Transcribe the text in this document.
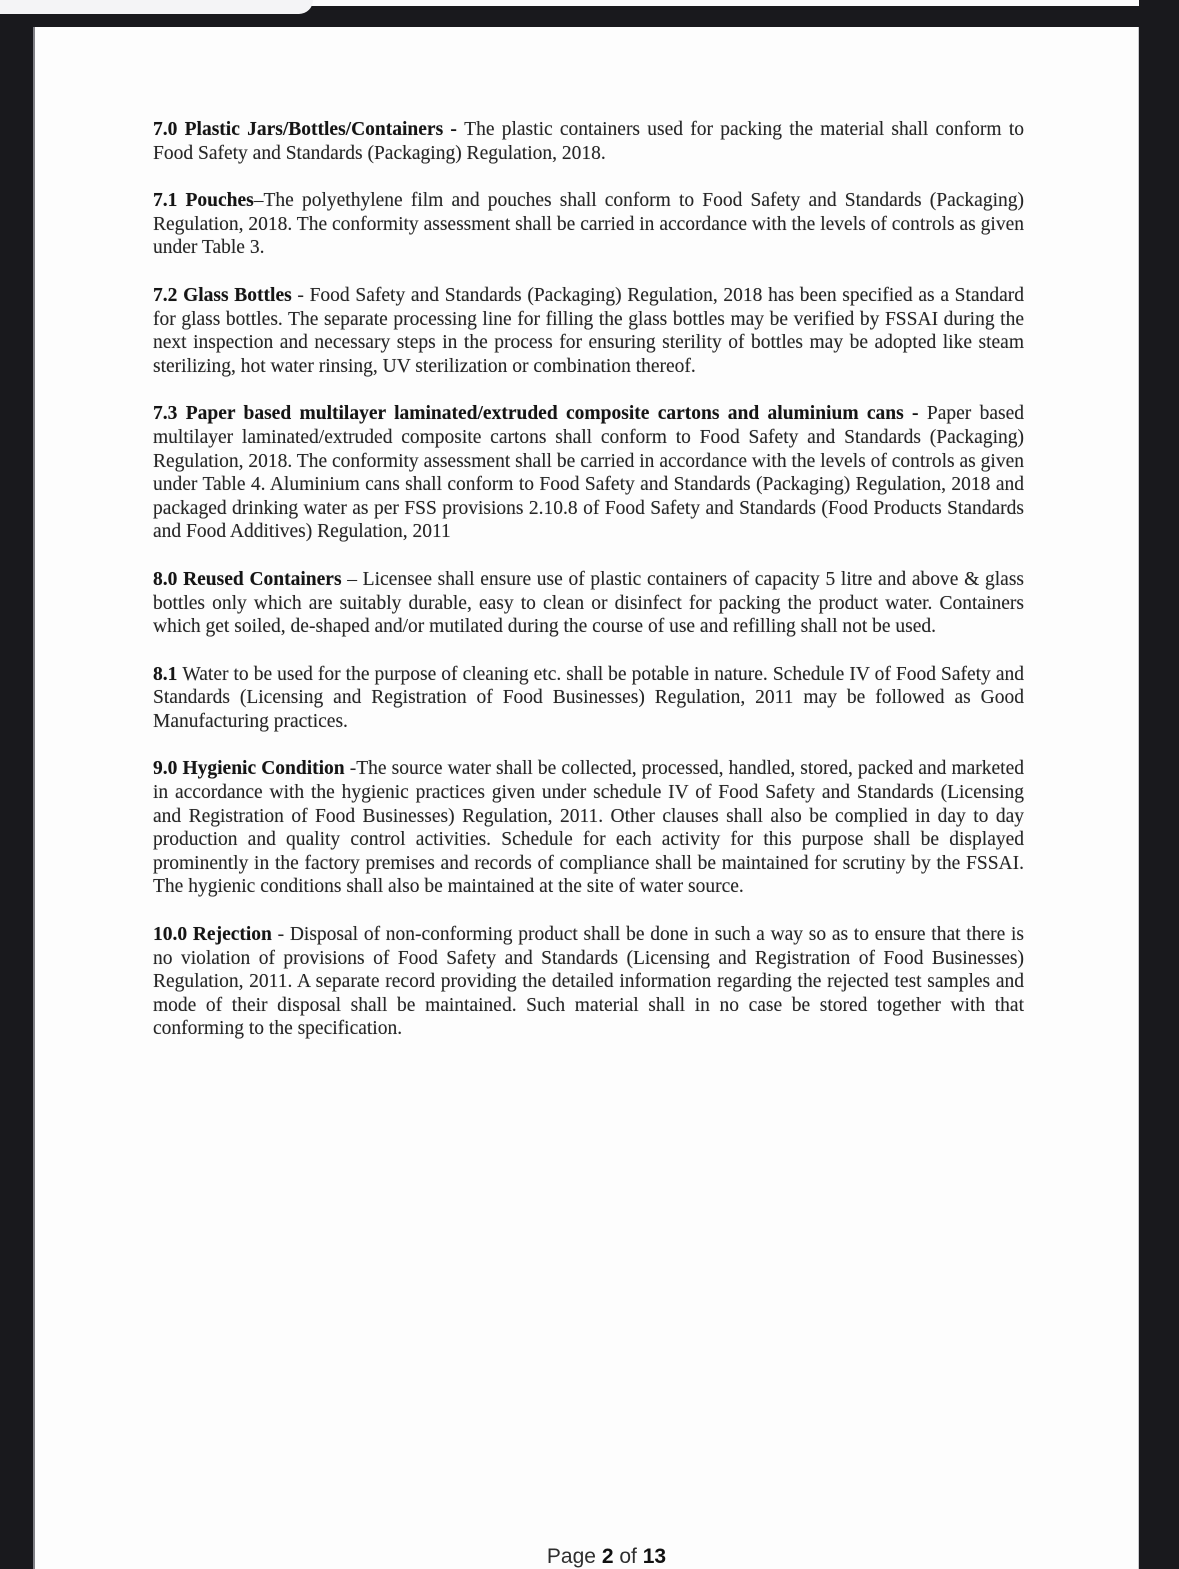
7.0 Plastic Jars/Bottles/Containers - The plastic containers used for packing the material shall conform to Food Safety and Standards (Packaging) Regulation, 2018.

7.1 Pouches–The polyethylene film and pouches shall conform to Food Safety and Standards (Packaging) Regulation, 2018. The conformity assessment shall be carried in accordance with the levels of controls as given under Table 3.

7.2 Glass Bottles - Food Safety and Standards (Packaging) Regulation, 2018 has been specified as a Standard for glass bottles. The separate processing line for filling the glass bottles may be verified by FSSAI during the next inspection and necessary steps in the process for ensuring sterility of bottles may be adopted like steam sterilizing, hot water rinsing, UV sterilization or combination thereof.

7.3 Paper based multilayer laminated/extruded composite cartons and aluminium cans - Paper based multilayer laminated/extruded composite cartons shall conform to Food Safety and Standards (Packaging) Regulation, 2018. The conformity assessment shall be carried in accordance with the levels of controls as given under Table 4. Aluminium cans shall conform to Food Safety and Standards (Packaging) Regulation, 2018 and packaged drinking water as per FSS provisions 2.10.8 of Food Safety and Standards (Food Products Standards and Food Additives) Regulation, 2011

8.0 Reused Containers – Licensee shall ensure use of plastic containers of capacity 5 litre and above & glass bottles only which are suitably durable, easy to clean or disinfect for packing the product water. Containers which get soiled, de-shaped and/or mutilated during the course of use and refilling shall not be used.

8.1 Water to be used for the purpose of cleaning etc. shall be potable in nature. Schedule IV of Food Safety and Standards (Licensing and Registration of Food Businesses) Regulation, 2011 may be followed as Good Manufacturing practices.

9.0 Hygienic Condition -The source water shall be collected, processed, handled, stored, packed and marketed in accordance with the hygienic practices given under schedule IV of Food Safety and Standards (Licensing and Registration of Food Businesses) Regulation, 2011. Other clauses shall also be complied in day to day production and quality control activities. Schedule for each activity for this purpose shall be displayed prominently in the factory premises and records of compliance shall be maintained for scrutiny by the FSSAI. The hygienic conditions shall also be maintained at the site of water source.

10.0 Rejection - Disposal of non-conforming product shall be done in such a way so as to ensure that there is no violation of provisions of Food Safety and Standards (Licensing and Registration of Food Businesses) Regulation, 2011. A separate record providing the detailed information regarding the rejected test samples and mode of their disposal shall be maintained. Such material shall in no case be stored together with that conforming to the specification.

Page 2 of 13
